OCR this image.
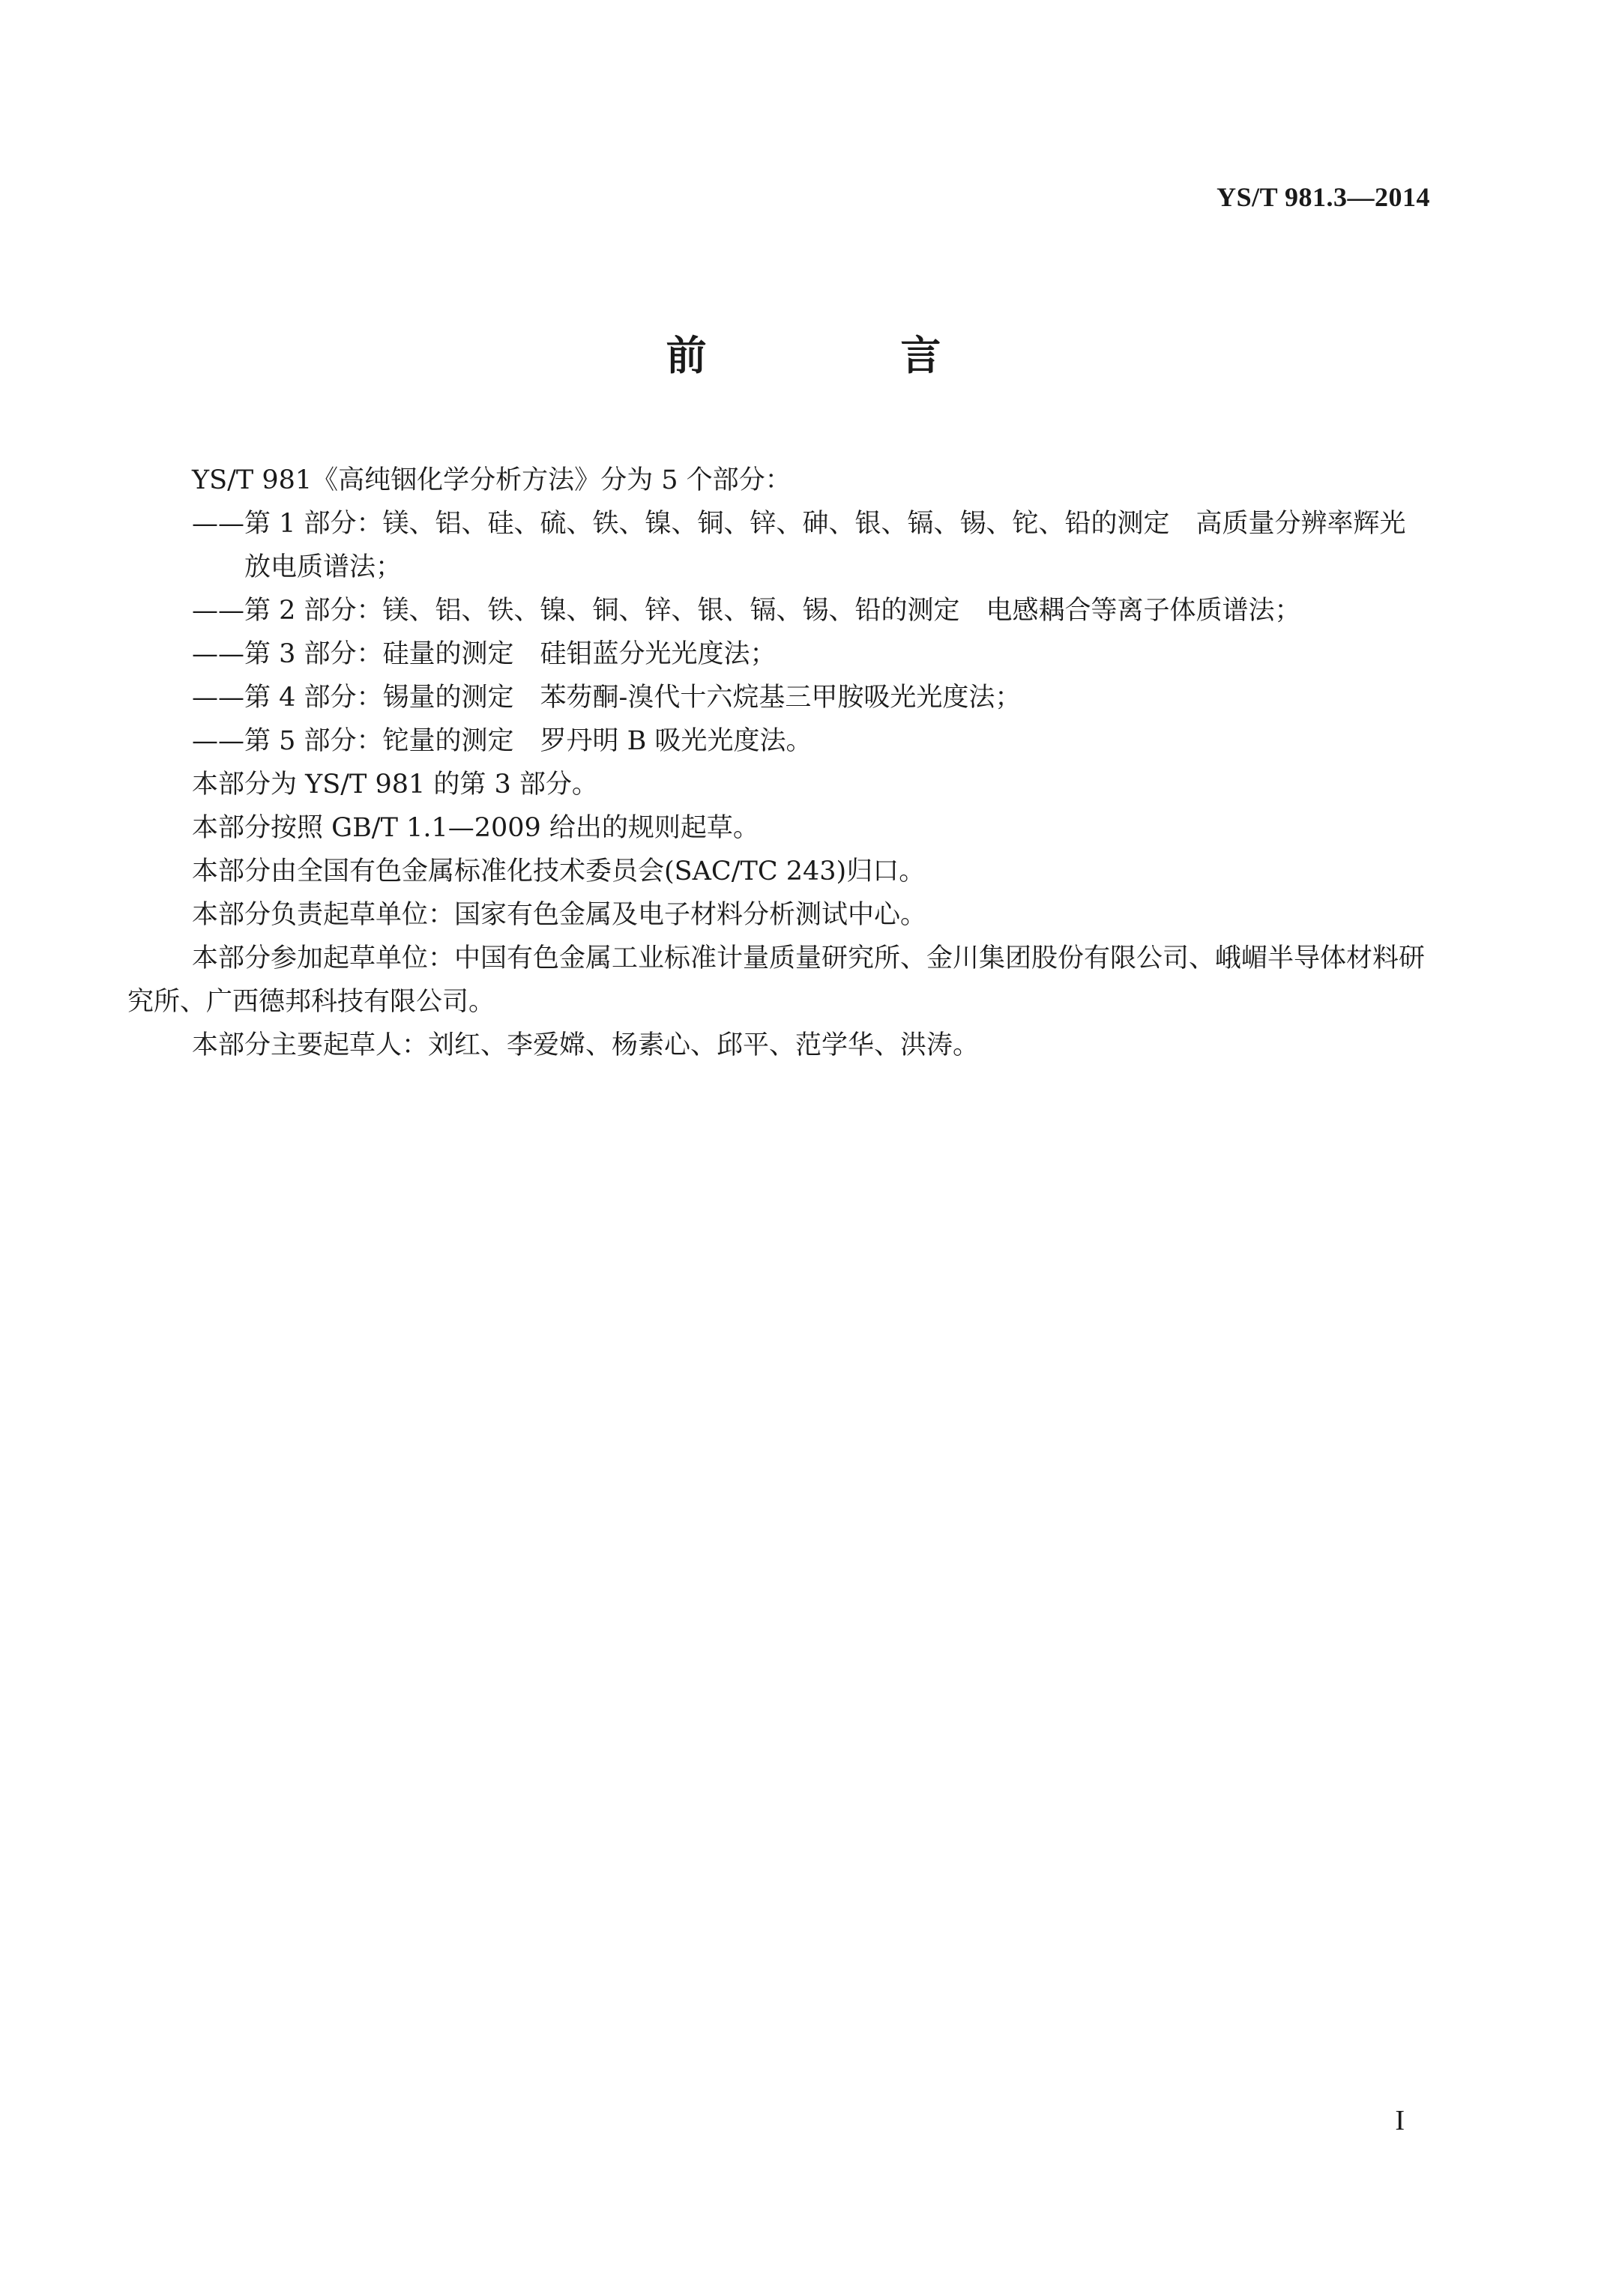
YS/T 981.3—2014
前 言

YS/T 981《高纯铟化学分析方法》分为 5 个部分：

—— 第 1 部分：镁、铝、硅、硫、铁、镍、铜、锌、砷、银、镉、锡、铊、铅的测定　高质量分辨率辉光放电质谱法；
—— 第 2 部分：镁、铝、铁、镍、铜、锌、银、镉、锡、铅的测定　电感耦合等离子体质谱法；
—— 第 3 部分：硅量的测定　硅钼蓝分光光度法；
—— 第 4 部分：锡量的测定　苯芴酮-溴代十六烷基三甲胺吸光光度法；
—— 第 5 部分：铊量的测定　罗丹明 B 吸光光度法。

本部分为 YS/T 981 的第 3 部分。

本部分按照 GB/T 1.1—2009 给出的规则起草。

本部分由全国有色金属标准化技术委员会(SAC/TC 243)归口。

本部分负责起草单位：国家有色金属及电子材料分析测试中心。

本部分参加起草单位：中国有色金属工业标准计量质量研究所、金川集团股份有限公司、峨嵋半导体材料研究所、广西德邦科技有限公司。

本部分主要起草人：刘红、李爱嫦、杨素心、邱平、范学华、洪涛。

I
